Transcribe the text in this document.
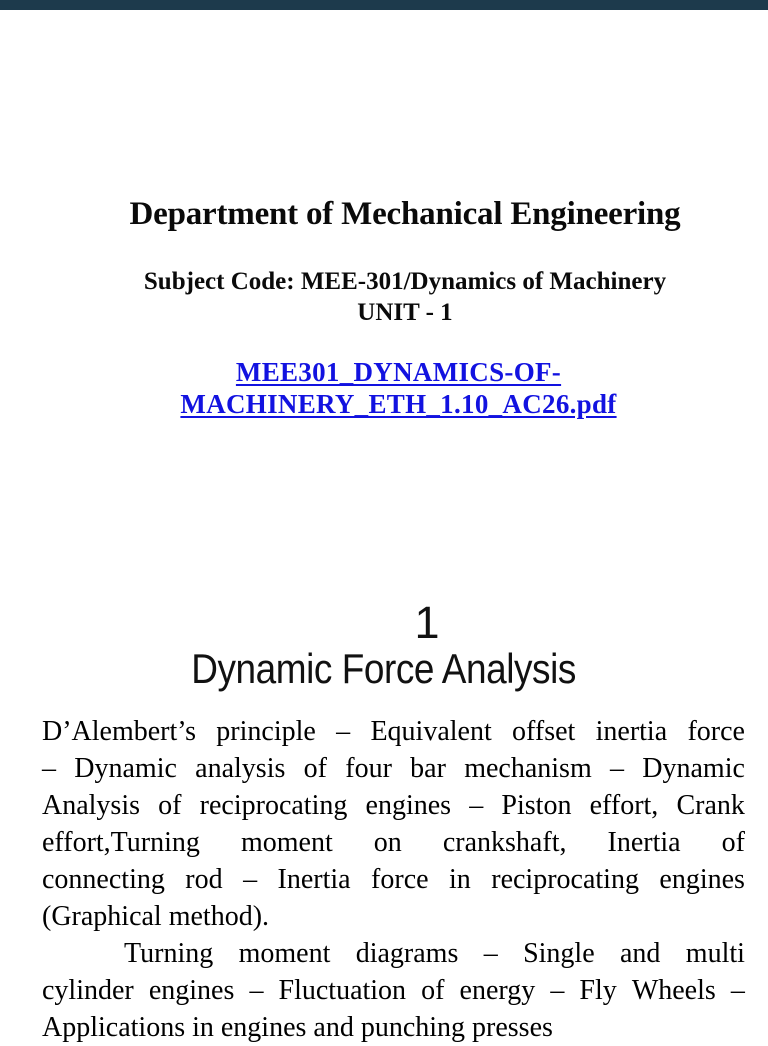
Department of Mechanical Engineering
Subject Code: MEE-301/Dynamics of Machinery
UNIT - 1
MEE301_DYNAMICS-OF-MACHINERY_ETH_1.10_AC26.pdf
1
Dynamic Force Analysis
D’Alembert’s principle – Equivalent offset inertia force
– Dynamic analysis of four bar mechanism – Dynamic
Analysis of reciprocating engines – Piston effort, Crank
effort,Turning moment on crankshaft, Inertia of
connecting rod – Inertia force in reciprocating engines
(Graphical method).
Turning moment diagrams – Single and multi
cylinder engines – Fluctuation of energy – Fly Wheels –
Applications in engines and punching presses
